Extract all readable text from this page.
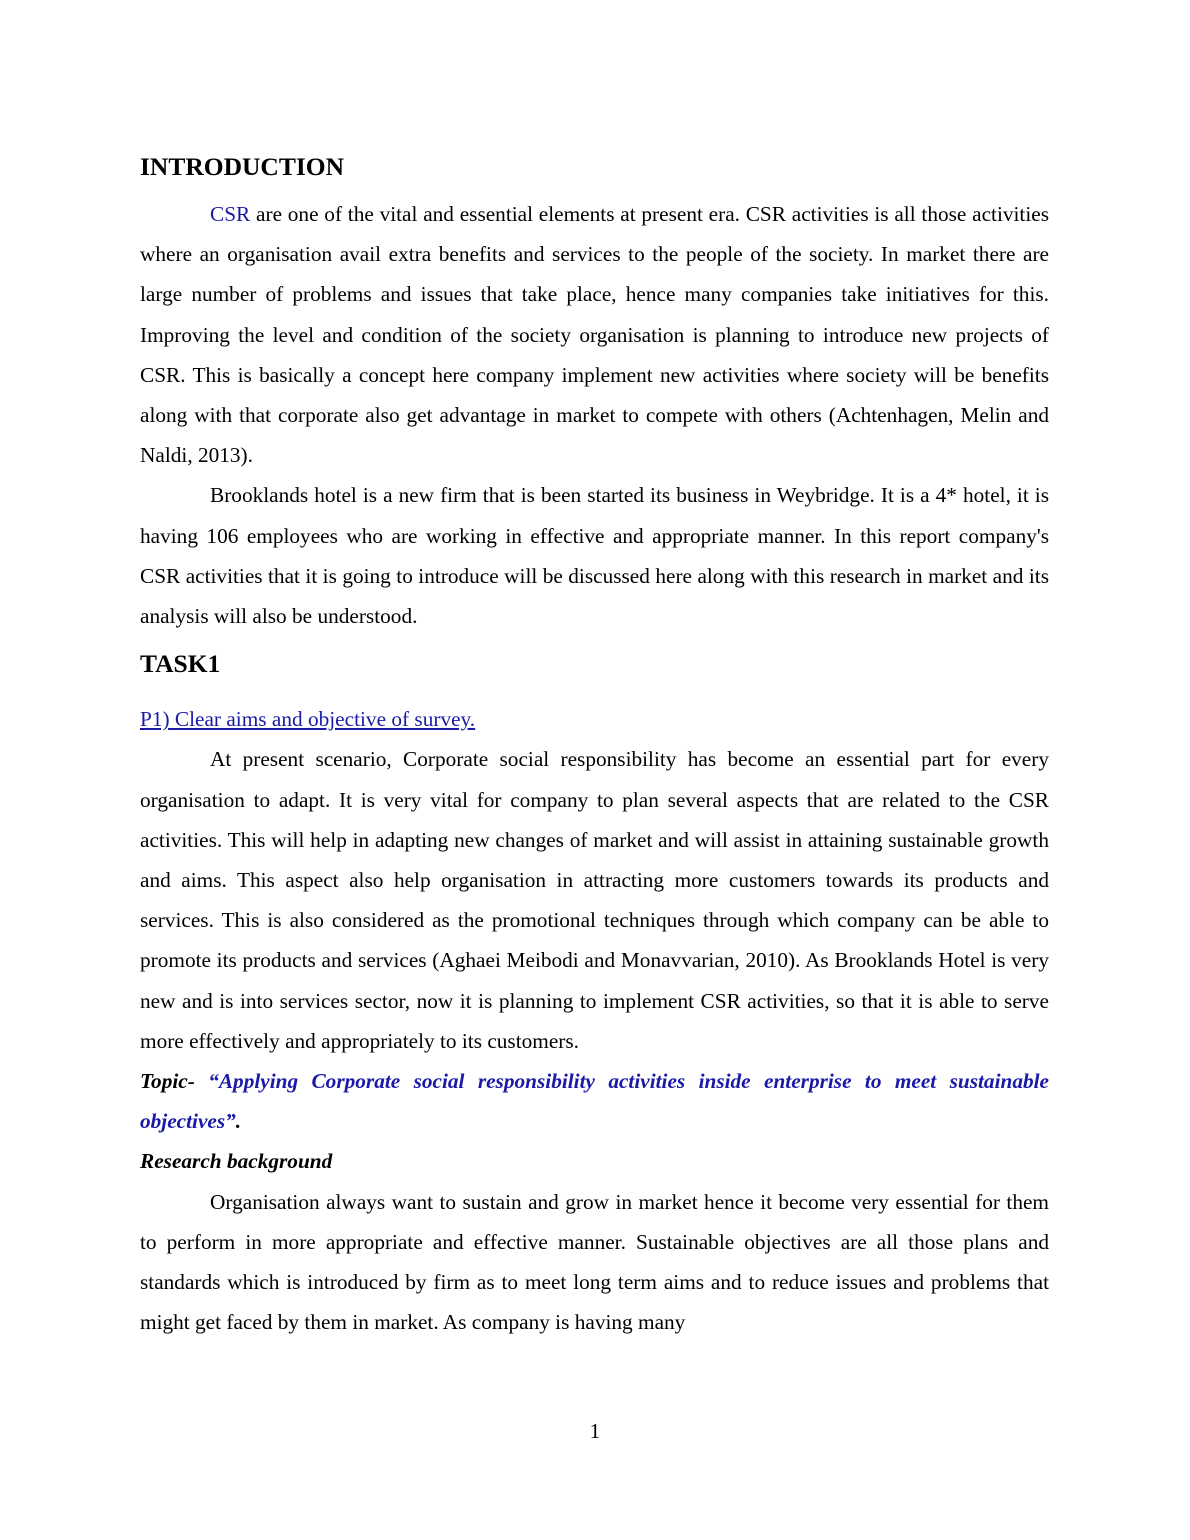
INTRODUCTION

CSR are one of the vital and essential elements at present era. CSR activities is all those activities where an organisation avail extra benefits and services to the people of the society. In market there are large number of problems and issues that take place, hence many companies take initiatives for this. Improving the level and condition of the society organisation is planning to introduce new projects of CSR. This is basically a concept here company implement new activities where society will be benefits along with that corporate also get advantage in market to compete with others (Achtenhagen, Melin and Naldi, 2013).

Brooklands hotel is a new firm that is been started its business in Weybridge. It is a 4* hotel, it is having 106 employees who are working in effective and appropriate manner. In this report company's CSR activities that it is going to introduce will be discussed here along with this research in market and its analysis will also be understood.

TASK1

P1) Clear aims and objective of survey.

At present scenario, Corporate social responsibility has become an essential part for every organisation to adapt. It is very vital for company to plan several aspects that are related to the CSR activities. This will help in adapting new changes of market and will assist in attaining sustainable growth and aims. This aspect also help organisation in attracting more customers towards its products and services. This is also considered as the promotional techniques through which company can be able to promote its products and services (Aghaei Meibodi and Monavvarian, 2010). As Brooklands Hotel is very new and is into services sector, now it is planning to implement CSR activities, so that it is able to serve more effectively and appropriately to its customers.

Topic- “Applying Corporate social responsibility activities inside enterprise to meet sustainable objectives”.

Research background

Organisation always want to sustain and grow in market hence it become very essential for them to perform in more appropriate and effective manner. Sustainable objectives are all those plans and standards which is introduced by firm as to meet long term aims and to reduce issues and problems that might get faced by them in market. As company is having many

1
